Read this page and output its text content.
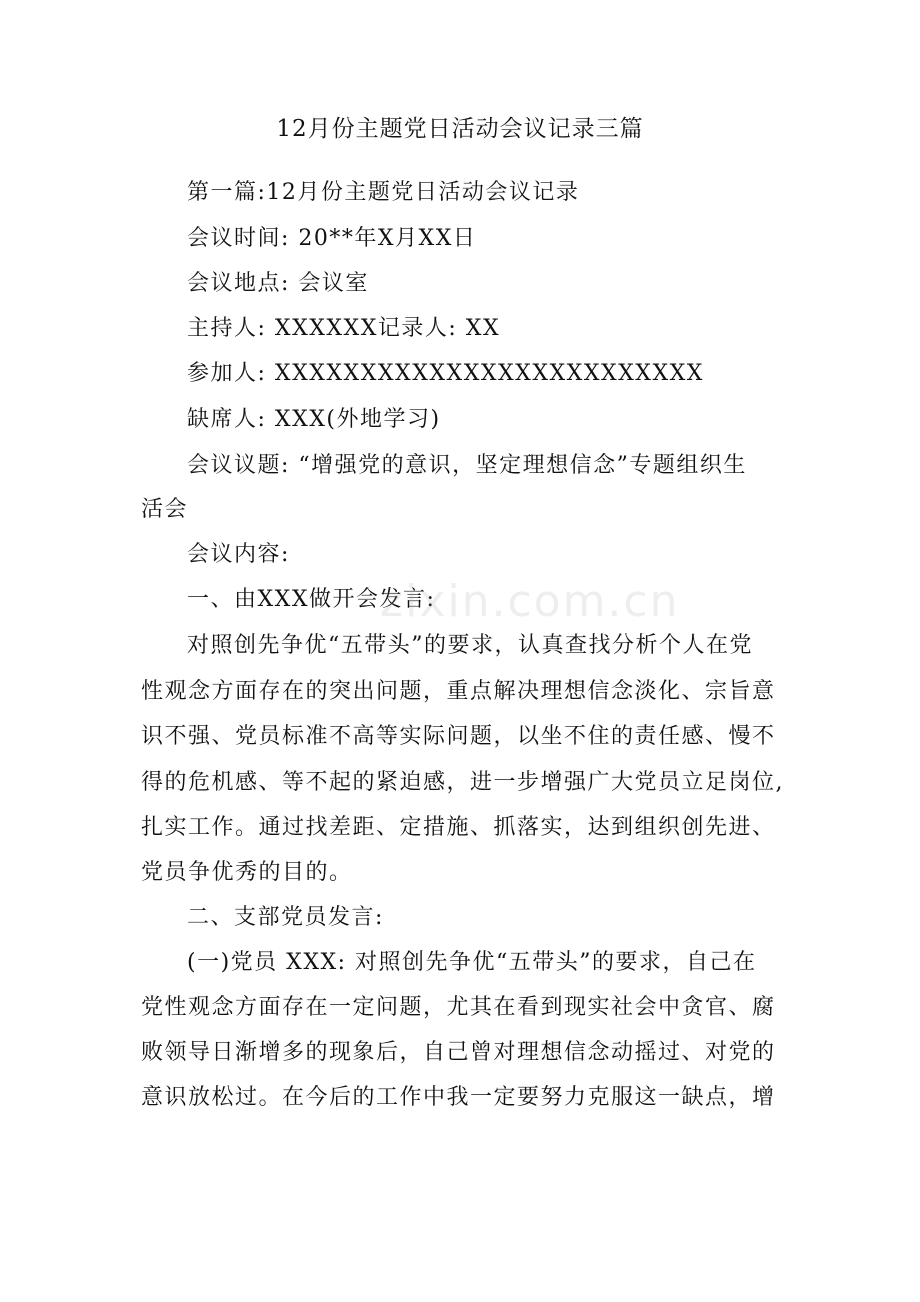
12月份主题党日活动会议记录三篇
第一篇:12月份主题党日活动会议记录
会议时间: 20**年X月XX日
会议地点: 会议室
主持人: XXXXXX记录人: XX
参加人: XXXXXXXXXXXXXXXXXXXXXXXXX
缺席人: XXX(外地学习)
会议议题: “增强党的意识，坚定理想信念”专题组织生
活会
会议内容:
一、由XXX做开会发言:
对照创先争优“五带头”的要求，认真查找分析个人在党
性观念方面存在的突出问题，重点解决理想信念淡化、宗旨意
识不强、党员标准不高等实际问题，以坐不住的责任感、慢不
得的危机感、等不起的紧迫感，进一步增强广大党员立足岗位,
扎实工作。通过找差距、定措施、抓落实，达到组织创先进、
党员争优秀的目的。
二、支部党员发言:
(一)党员 XXX: 对照创先争优“五带头”的要求，自己在
党性观念方面存在一定问题，尤其在看到现实社会中贪官、腐
败领导日渐增多的现象后，自己曾对理想信念动摇过、对党的
意识放松过。在今后的工作中我一定要努力克服这一缺点，增
zixin.com.cn
